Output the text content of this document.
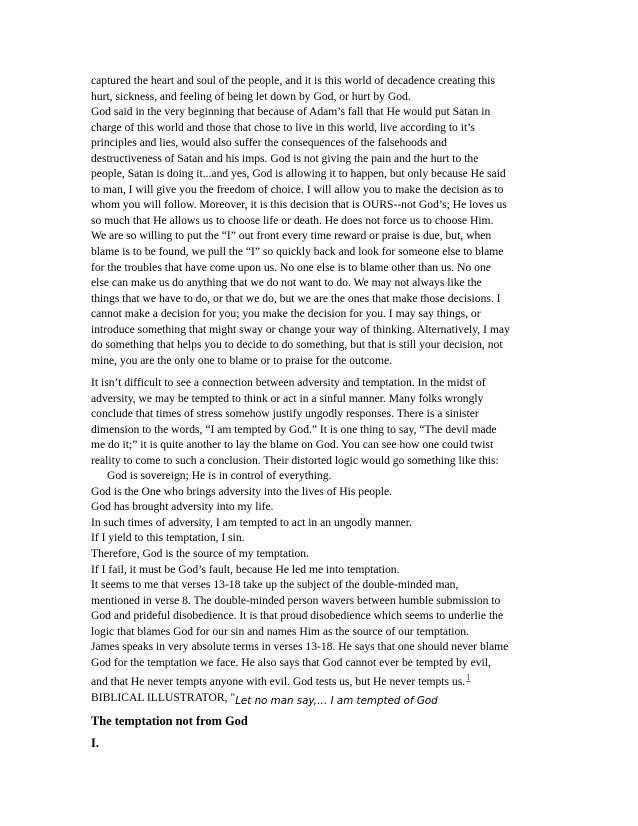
captured the heart and soul of the people, and it is this world of decadence creating this
hurt, sickness, and feeling of being let down by God, or hurt by God.
God said in the very beginning that because of Adam’s fall that He would put Satan in
charge of this world and those that chose to live in this world, live according to it’s
principles and lies, would also suffer the consequences of the falsehoods and
destructiveness of Satan and his imps. God is not giving the pain and the hurt to the
people, Satan is doing it...and yes, God is allowing it to happen, but only because He said
to man, I will give you the freedom of choice. I will allow you to make the decision as to
whom you will follow. Moreover, it is this decision that is OURS--not God’s; He loves us
so much that He allows us to choose life or death. He does not force us to choose Him.
We are so willing to put the “I” out front every time reward or praise is due, but, when
blame is to be found, we pull the “I” so quickly back and look for someone else to blame
for the troubles that have come upon us. No one else is to blame other than us. No one
else can make us do anything that we do not want to do. We may not always like the
things that we have to do, or that we do, but we are the ones that make those decisions. I
cannot make a decision for you; you make the decision for you. I may say things, or
introduce something that might sway or change your way of thinking. Alternatively, I may
do something that helps you to decide to do something, but that is still your decision, not
mine, you are the only one to blame or to praise for the outcome.
It isn’t difficult to see a connection between adversity and temptation. In the midst of
adversity, we may be tempted to think or act in a sinful manner. Many folks wrongly
conclude that times of stress somehow justify ungodly responses. There is a sinister
dimension to the words, “I am tempted by God.” It is one thing to say, “The devil made
me do it;” it is quite another to lay the blame on God. You can see how one could twist
reality to come to such a conclusion. Their distorted logic would go something like this:
God is sovereign; He is in control of everything.
God is the One who brings adversity into the lives of His people.
God has brought adversity into my life.
In such times of adversity, I am tempted to act in an ungodly manner.
If I yield to this temptation, I sin.
Therefore, God is the source of my temptation.
If I fail, it must be God’s fault, because He led me into temptation.
It seems to me that verses 13-18 take up the subject of the double-minded man,
mentioned in verse 8. The double-minded person wavers between humble submission to
God and prideful disobedience. It is that proud disobedience which seems to underlie the
logic that blames God for our sin and names Him as the source of our temptation.
James speaks in very absolute terms in verses 13-18. He says that one should never blame
God for the temptation we face. He also says that God cannot ever be tempted by evil,
and that He never tempts anyone with evil. God tests us, but He never tempts us.$^1$
BIBLICAL ILLUSTRATOR, "Let no man say,… I am tempted of God
The temptation not from God
I.
